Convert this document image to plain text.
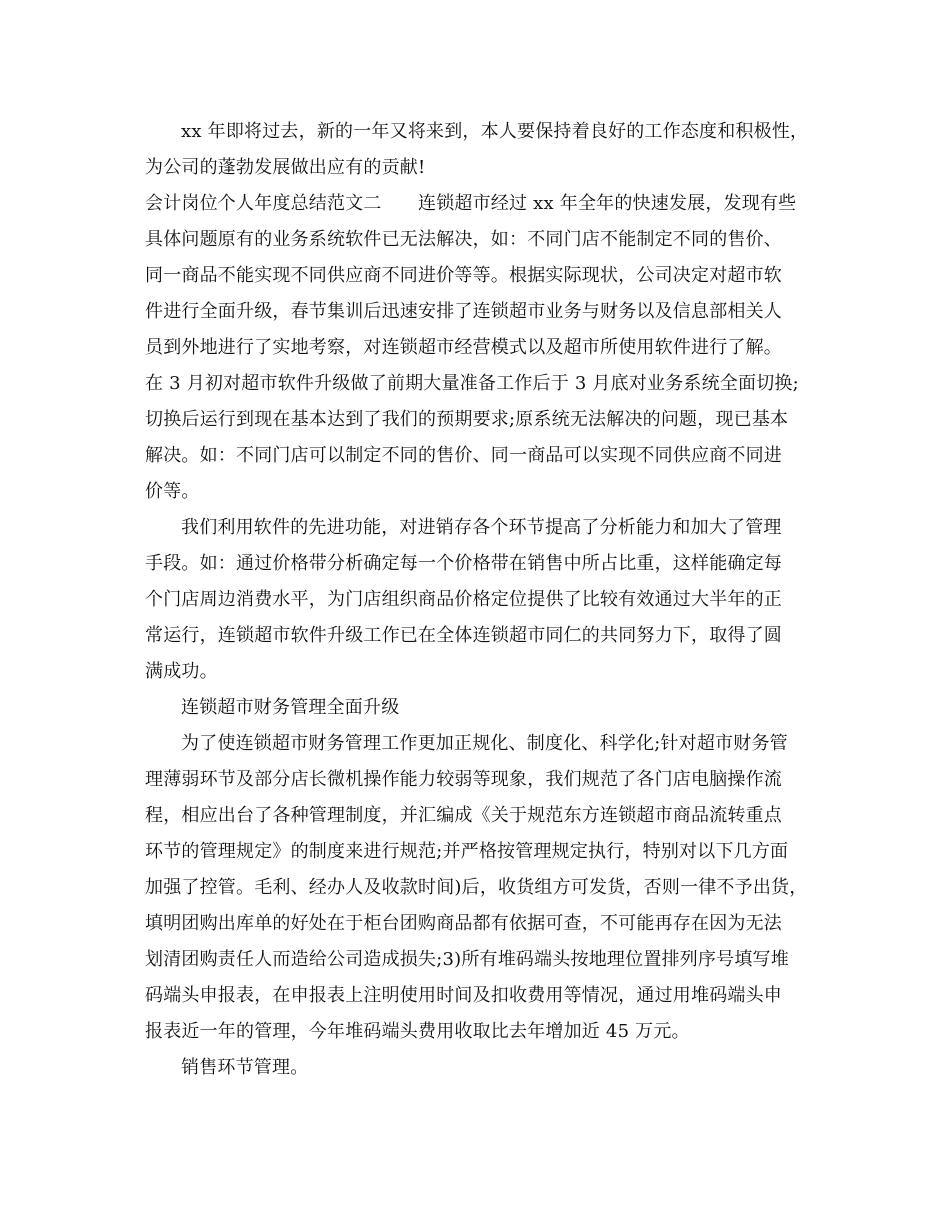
xx 年即将过去，新的一年又将来到，本人要保持着良好的工作态度和积极性，
为公司的蓬勃发展做出应有的贡献!
会计岗位个人年度总结范文二　　连锁超市经过 xx 年全年的快速发展，发现有些
具体问题原有的业务系统软件已无法解决，如：不同门店不能制定不同的售价、
同一商品不能实现不同供应商不同进价等等。根据实际现状，公司决定对超市软
件进行全面升级，春节集训后迅速安排了连锁超市业务与财务以及信息部相关人
员到外地进行了实地考察，对连锁超市经营模式以及超市所使用软件进行了解。
在 3 月初对超市软件升级做了前期大量准备工作后于 3 月底对业务系统全面切换;
切换后运行到现在基本达到了我们的预期要求;原系统无法解决的问题，现已基本
解决。如：不同门店可以制定不同的售价、同一商品可以实现不同供应商不同进
价等。
我们利用软件的先进功能，对进销存各个环节提高了分析能力和加大了管理
手段。如：通过价格带分析确定每一个价格带在销售中所占比重，这样能确定每
个门店周边消费水平，为门店组织商品价格定位提供了比较有效通过大半年的正
常运行，连锁超市软件升级工作已在全体连锁超市同仁的共同努力下，取得了圆
满成功。
连锁超市财务管理全面升级
为了使连锁超市财务管理工作更加正规化、制度化、科学化;针对超市财务管
理薄弱环节及部分店长微机操作能力较弱等现象，我们规范了各门店电脑操作流
程，相应出台了各种管理制度，并汇编成《关于规范东方连锁超市商品流转重点
环节的管理规定》的制度来进行规范;并严格按管理规定执行，特别对以下几方面
加强了控管。毛利、经办人及收款时间)后，收货组方可发货，否则一律不予出货，
填明团购出库单的好处在于柜台团购商品都有依据可查，不可能再存在因为无法
划清团购责任人而造给公司造成损失;3)所有堆码端头按地理位置排列序号填写堆
码端头申报表，在申报表上注明使用时间及扣收费用等情况，通过用堆码端头申
报表近一年的管理，今年堆码端头费用收取比去年增加近 45 万元。
销售环节管理。
